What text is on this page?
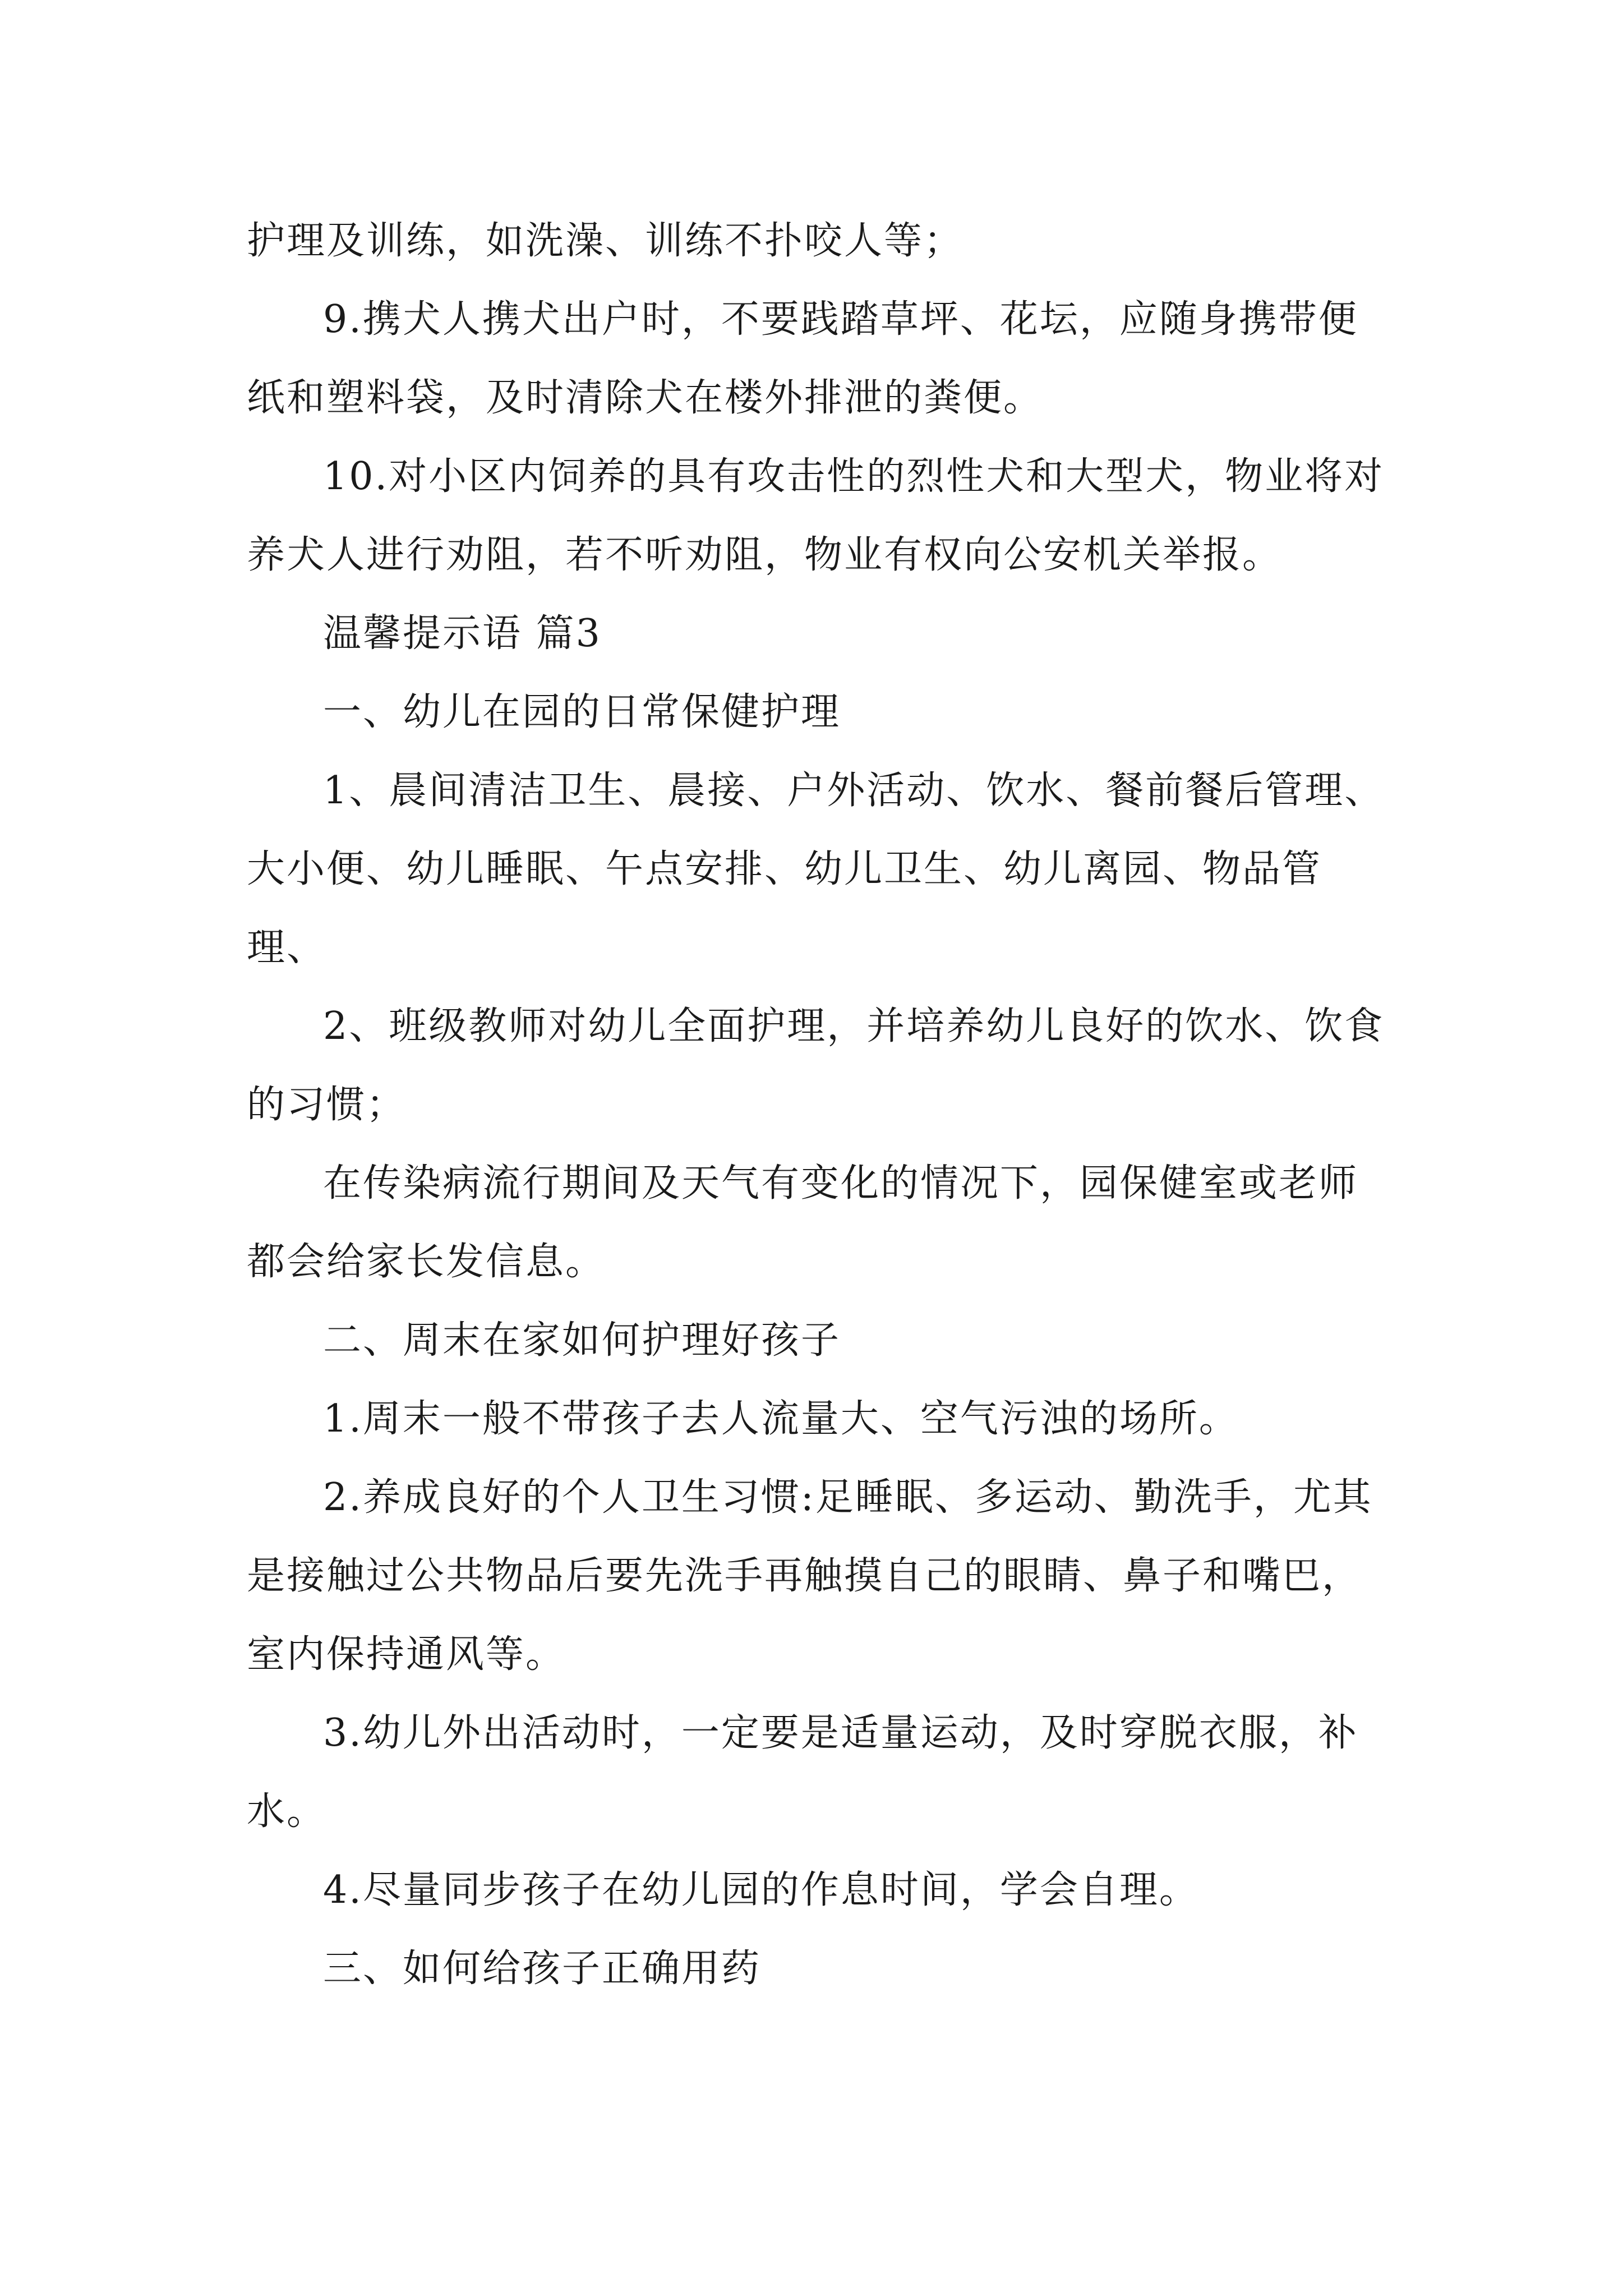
护理及训练，如洗澡、训练不扑咬人等；

9.携犬人携犬出户时，不要践踏草坪、花坛，应随身携带便纸和塑料袋，及时清除犬在楼外排泄的粪便。

10.对小区内饲养的具有攻击性的烈性犬和大型犬，物业将对养犬人进行劝阻，若不听劝阻，物业有权向公安机关举报。

温馨提示语 篇3

一、幼儿在园的日常保健护理

1、晨间清洁卫生、晨接、户外活动、饮水、餐前餐后管理、大小便、幼儿睡眠、午点安排、幼儿卫生、幼儿离园、物品管理、

2、班级教师对幼儿全面护理，并培养幼儿良好的饮水、饮食的习惯；

在传染病流行期间及天气有变化的情况下，园保健室或老师都会给家长发信息。

二、周末在家如何护理好孩子

1.周末一般不带孩子去人流量大、空气污浊的场所。

2.养成良好的个人卫生习惯:足睡眠、多运动、勤洗手，尤其是接触过公共物品后要先洗手再触摸自己的眼睛、鼻子和嘴巴，室内保持通风等。

3.幼儿外出活动时，一定要是适量运动，及时穿脱衣服，补水。

4.尽量同步孩子在幼儿园的作息时间，学会自理。

三、如何给孩子正确用药
